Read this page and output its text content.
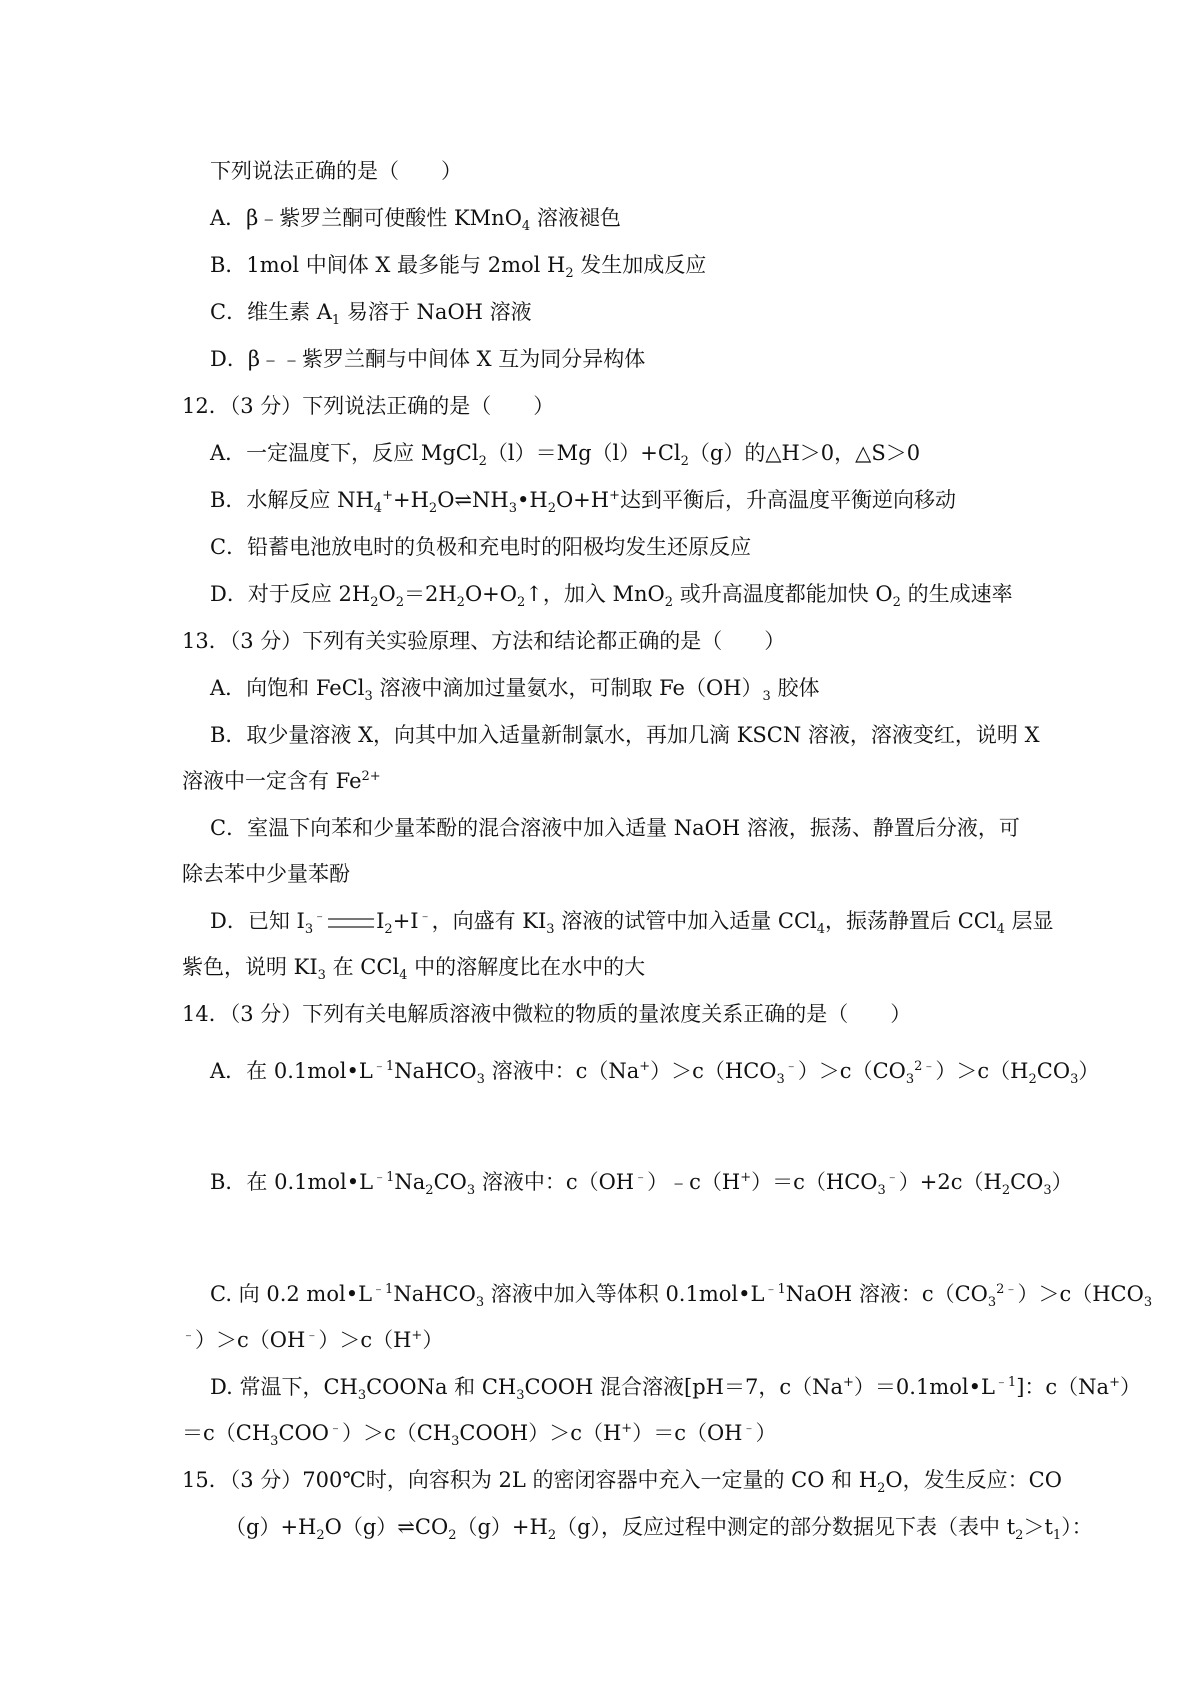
下列说法正确的是（　　）
A．β﹣紫罗兰酮可使酸性 KMnO$_4$ 溶液褪色
B．1mol 中间体 X 最多能与 2mol $H_2$ 发生加成反应
C．维生素 $A_1$ 易溶于 NaOH 溶液
D．β﹣﹣紫罗兰酮与中间体 X 互为同分异构体
12．（3 分）下列说法正确的是（　　）
A．一定温度下，反应 $MgCl_2(l)=Mg(l)+Cl_2(g)$的△H＞0，△S＞0
B．水解反应 $NH_4^++H_2O\rightleftharpoons NH_3•H_2O+H^+$达到平衡后，升高温度平衡逆向移动
C．铅蓄电池放电时的负极和充电时的阳极均发生还原反应
D．对于反应 $2H_2O_2=2H_2O+O_2↑$，加入 MnO$_2$ 或升高温度都能加快 $O_2$ 的生成速率
13．（3 分）下列有关实验原理、方法和结论都正确的是（　　）
A．向饱和 FeCl$_3$ 溶液中滴加过量氨水，可制取 $Fe(OH)_3$ 胶体
B．取少量溶液 X，向其中加入适量新制氯水，再加几滴 KSCN 溶液，溶液变红，说明 X
溶液中一定含有 $Fe^{2+}$
C．室温下向苯和少量苯酚的混合溶液中加入适量 NaOH 溶液，振荡、静置后分液，可
除去苯中少量苯酚
D．已知 $I_3^﹣$ $I_2+I^﹣$，向盛有 $KI_3$ 溶液的试管中加入适量 CCl$_4$，振荡静置后 CCl$_4$ 层显
紫色，说明 $KI_3$ 在 CCl$_4$ 中的溶解度比在水中的大
14．（3 分）下列有关电解质溶液中微粒的物质的量浓度关系正确的是（　　）
A．在 $0.1mol•L^{﹣1}NaHCO_3$ 溶液中：$c(Na^+)>c(HCO_3^﹣)>c(CO_3^{2﹣})>c(H_2CO_3)$
B．在 $0.1mol•L^{﹣1}Na_2CO_3$ 溶液中：$c(OH^﹣)﹣c(H^+)=c(HCO_3^﹣)+2c(H_2CO_3)$
C. 向 0.2 $mol•L^{﹣1}NaHCO_3$ 溶液中加入等体积 $0.1mol•L^{﹣1}NaOH$ 溶液：$c(CO_3^{2﹣})>c(HCO_3$
﹣）＞c（OH﹣）＞c（H+）
D. 常温下，$CH_3COONa$ 和 $CH_3COOH$ 混合溶液[pH＝7，$c(Na^+)=0.1mol•L^{﹣1}$]：c（Na+）
$=c(CH_3COO^﹣)>c(CH_3COOH)>c(H^+)=c(OH^﹣)$
15．（3 分）700℃时，向容积为 2L 的密闭容器中充入一定量的 CO 和 $H_2O$，发生反应：CO
$(g)+H_2O(g)\rightleftharpoons CO_2(g)+H_2(g)$，反应过程中测定的部分数据见下表（表中 $t_2>t_1$）：
